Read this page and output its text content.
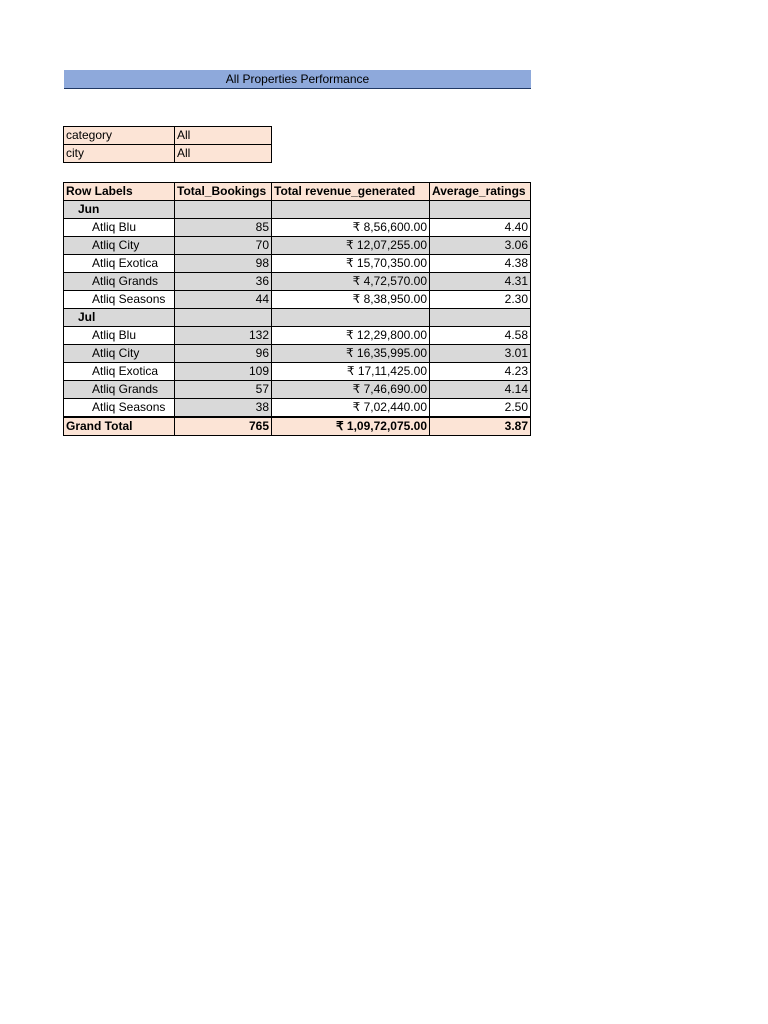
All Properties Performance
category	All
city	All
Row Labels	Total_Bookings	Total revenue_generated	Average_ratings
Jun			
Atliq Blu	85	₹ 8,56,600.00	4.40
Atliq City	70	₹ 12,07,255.00	3.06
Atliq Exotica	98	₹ 15,70,350.00	4.38
Atliq Grands	36	₹ 4,72,570.00	4.31
Atliq Seasons	44	₹ 8,38,950.00	2.30
Jul			
Atliq Blu	132	₹ 12,29,800.00	4.58
Atliq City	96	₹ 16,35,995.00	3.01
Atliq Exotica	109	₹ 17,11,425.00	4.23
Atliq Grands	57	₹ 7,46,690.00	4.14
Atliq Seasons	38	₹ 7,02,440.00	2.50
Grand Total	765	₹ 1,09,72,075.00	3.87
